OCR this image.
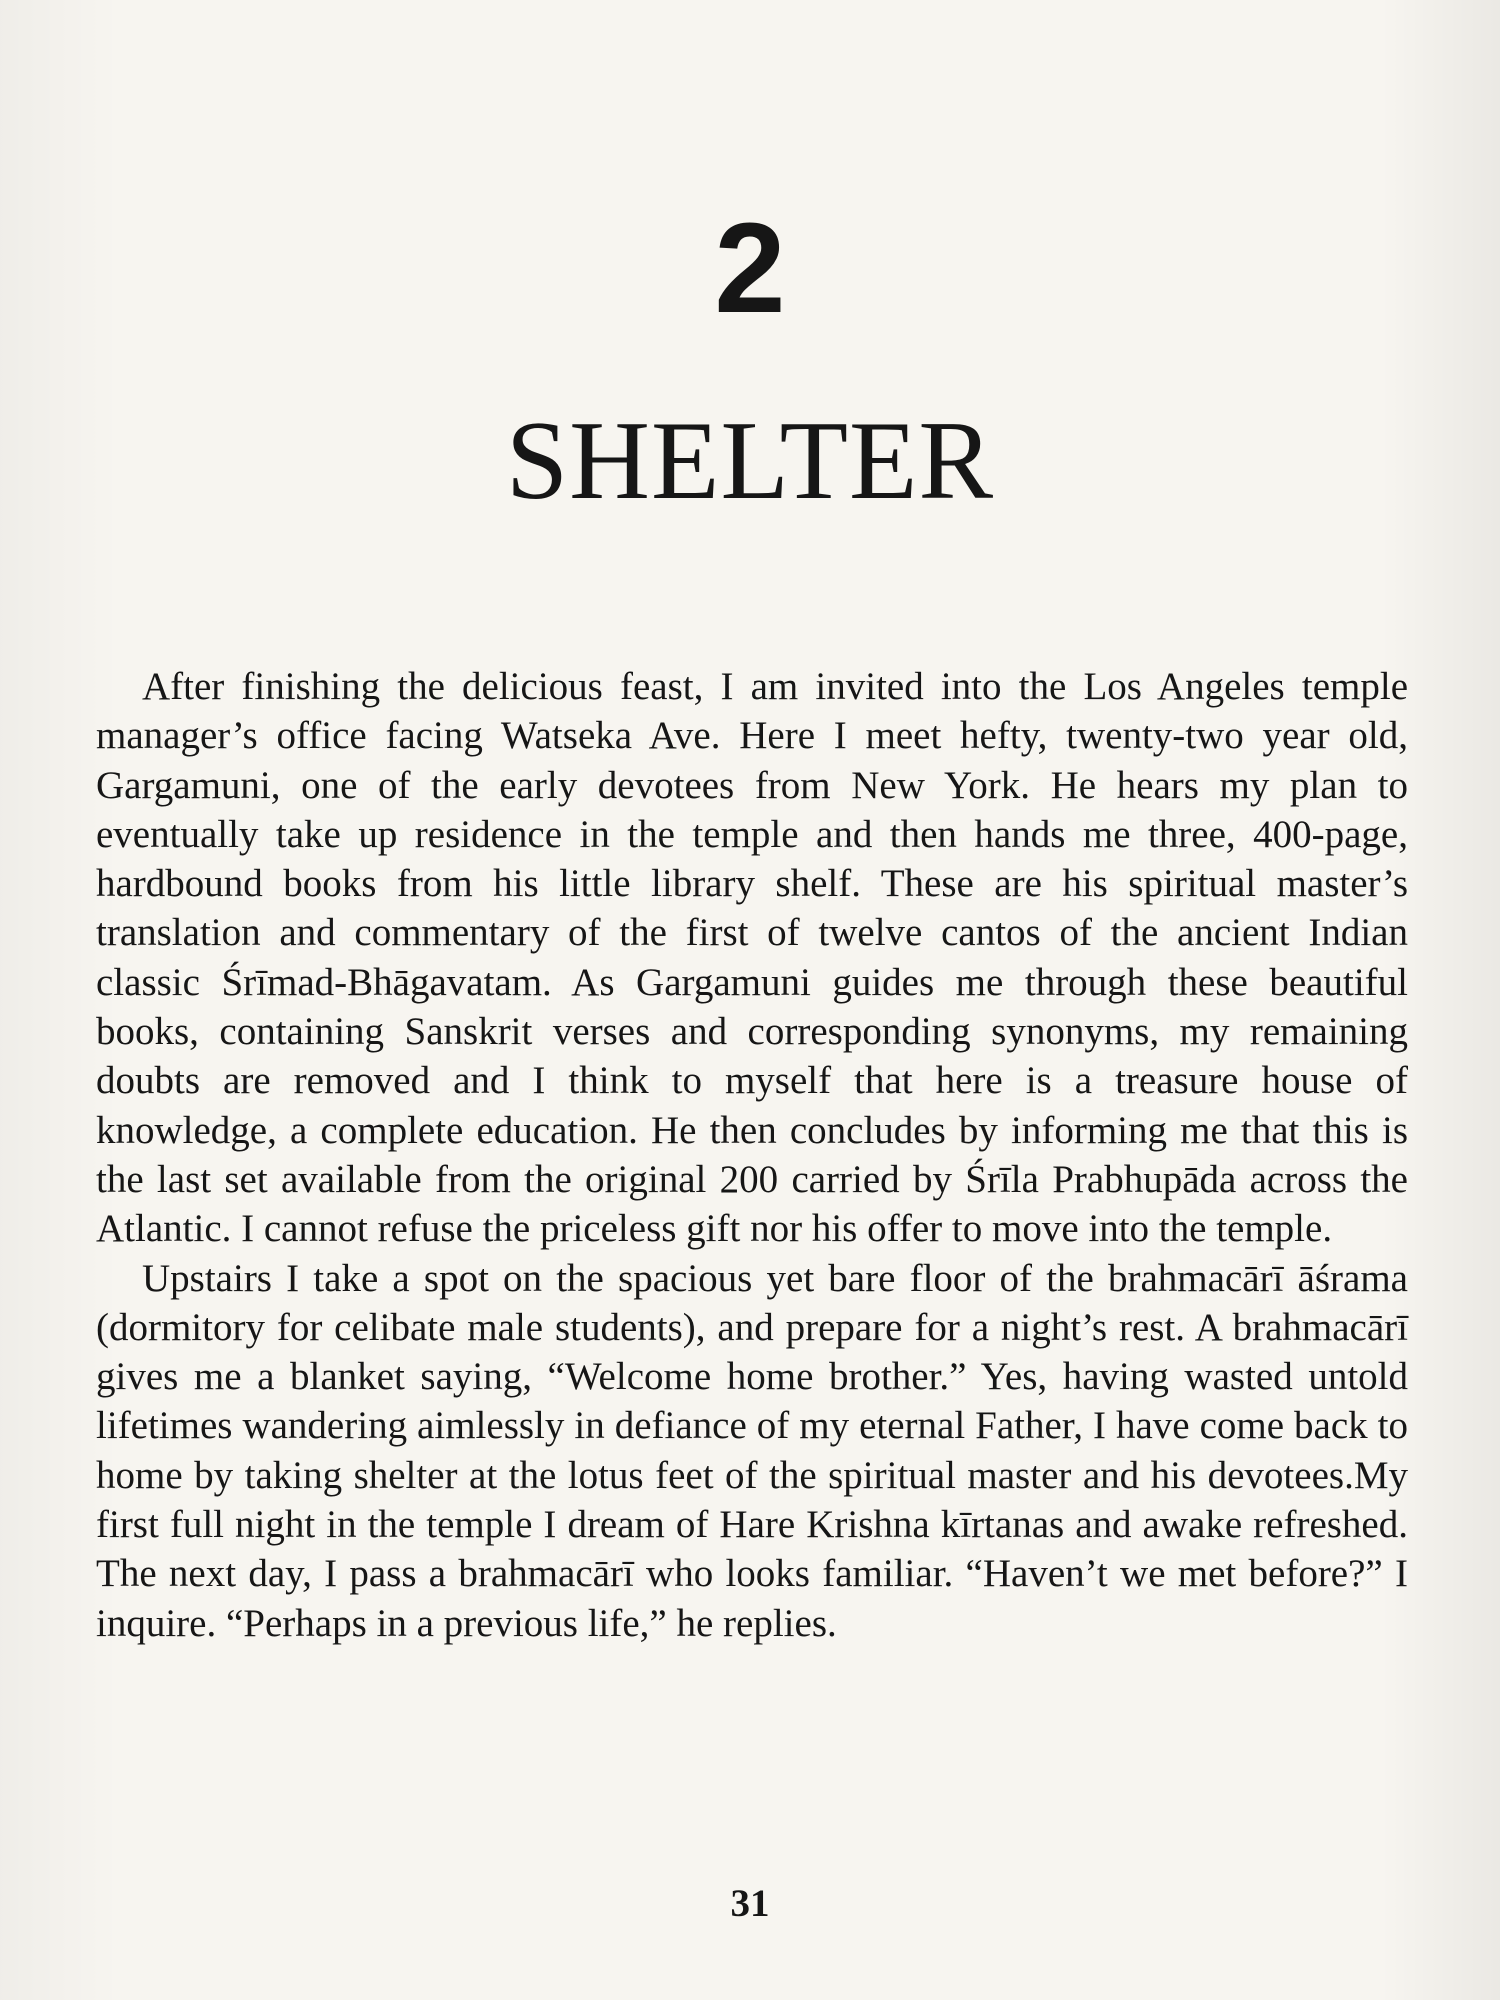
2
SHELTER

After finishing the delicious feast, I am invited into the Los Angeles temple manager’s office facing Watseka Ave. Here I meet hefty, twenty-two year old, Gargamuni, one of the early devotees from New York. He hears my plan to eventually take up residence in the temple and then hands me three, 400-page, hardbound books from his little library shelf. These are his spiritual master’s translation and commentary of the first of twelve cantos of the ancient Indian classic Śrīmad-Bhāgavatam. As Gargamuni guides me through these beautiful books, containing Sanskrit verses and corresponding synonyms, my remaining doubts are removed and I think to myself that here is a treasure house of knowledge, a complete education. He then concludes by informing me that this is the last set available from the original 200 carried by Śrīla Prabhupāda across the Atlantic. I cannot refuse the priceless gift nor his offer to move into the temple.

Upstairs I take a spot on the spacious yet bare floor of the brahmacārī āśrama (dormitory for celibate male students), and prepare for a night’s rest. A brahmacārī gives me a blanket saying, “Welcome home brother.” Yes, having wasted untold lifetimes wandering aimlessly in defiance of my eternal Father, I have come back to home by taking shelter at the lotus feet of the spiritual master and his devotees.My first full night in the temple I dream of Hare Krishna kīrtanas and awake refreshed. The next day, I pass a brahmacārī who looks familiar. “Haven’t we met before?” I inquire. “Perhaps in a previous life,” he replies.

31
